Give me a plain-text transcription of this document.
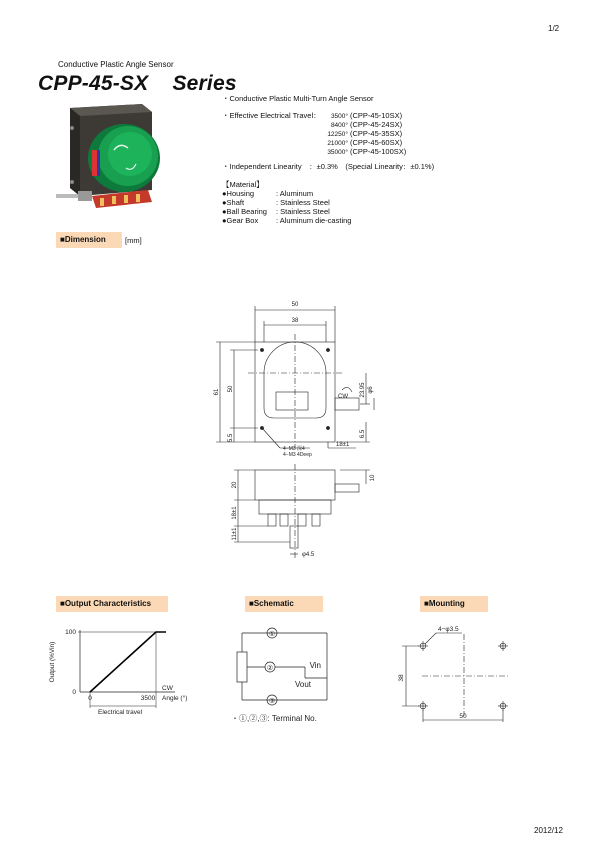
1/2
Conductive Plastic Angle Sensor
CPP-45-SX    Series
・Conductive Plastic Multi-Turn Angle Sensor
・Effective Electrical Travel：	3500° (CPP-45-10SX)
8400° (CPP-45-24SX)
12250° (CPP-45-35SX)
21000° (CPP-45-60SX)
35000° (CPP-45-100SX)
・Independent Linearity　：±0.3%　(Special Linearity：±0.1%)
【Material】
●Housing	: Aluminum
●Shaft	: Stainless Steel
●Ball Bearing : Stainless Steel
●Gear Box : Aluminum die-casting
■Dimension	[mm]
50
38
61 50
5.5	6.5
23.95 φ6
CW
18±1
4−M3 深4
4−M3 4Deep
20
18±1
11±1
10
φ4.5
■Output Characteristics	■Schematic	■Mounting
Output (%Vin)
100
0
0	3500 Angle (°)
CW
Electrical travel
①
②
③
Vin
Vout
・①,②,③: Terminal No.
4−φ3.5
38
50
2012/12
